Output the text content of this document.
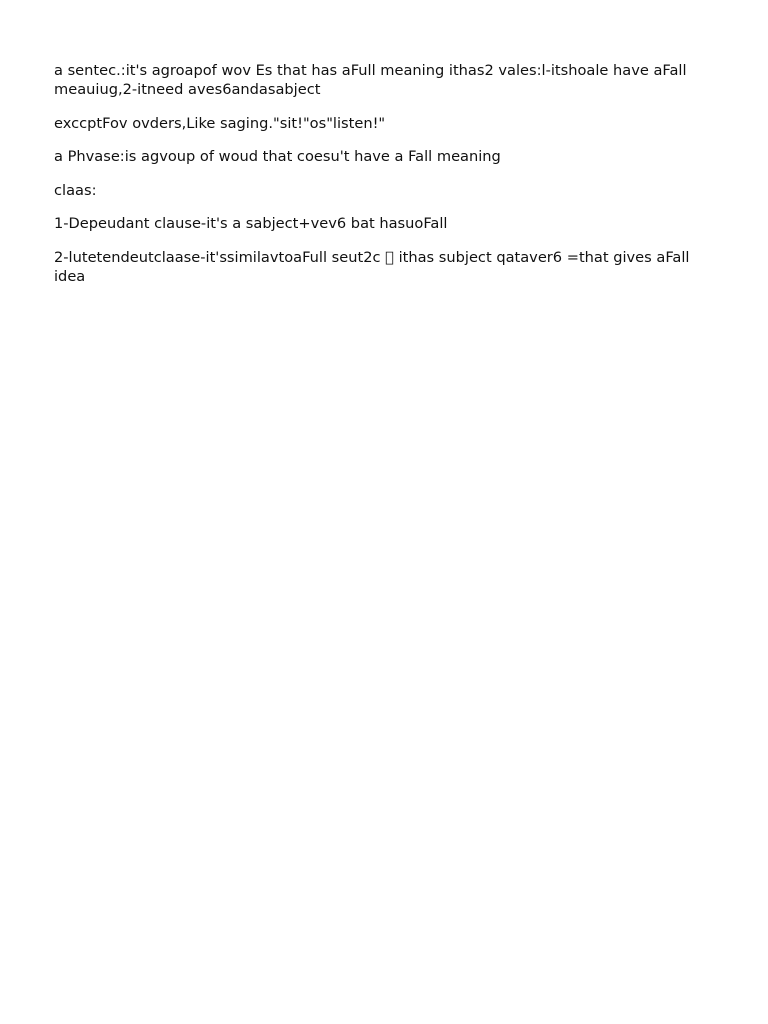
a sentec.:it's agroapof wov Es that has aFull meaning ithas2 vales:l-itshoale have aFall meauiug,2-itneed aves6andasabject

exccptFov ovders,Like saging."sit!"os"listen!"

a Phvase:is agvoup of woud that coesu't have a Fall meaning

claas:

1-Depeudant clause-it's a sabject+vev6 bat hasuoFall

2-lutetendeutclaase-it'ssimilavtoaFull seut2c ithas subject qataver6 =that gives aFall idea
